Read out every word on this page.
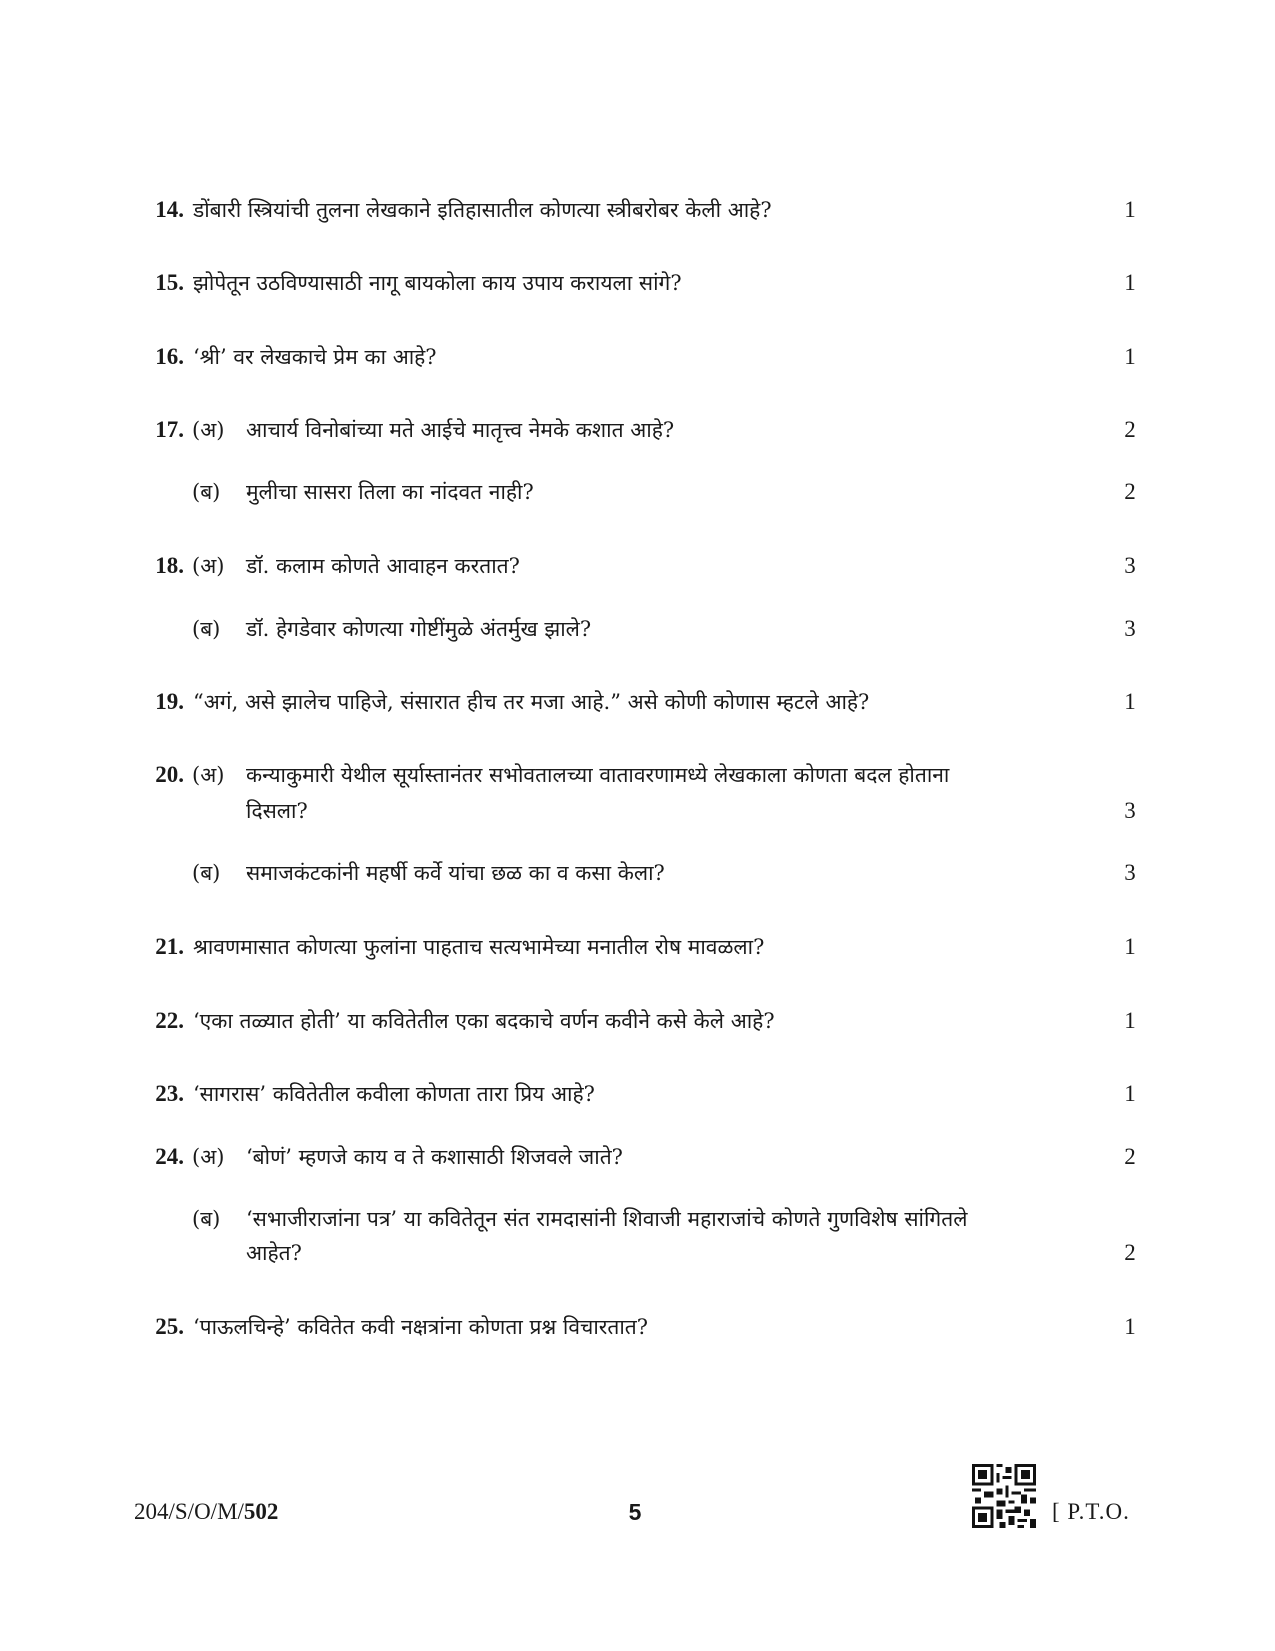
14. डोंबारी स्त्रियांची तुलना लेखकाने इतिहासातील कोणत्या स्त्रीबरोबर केली आहे?	1
15. झोपेतून उठविण्यासाठी नागू बायकोला काय उपाय करायला सांगे?	1
16. ‘श्री’ वर लेखकाचे प्रेम का आहे?	1
17. (अ)	आचार्य विनोबांच्या मते आईचे मातृत्त्व नेमके कशात आहे?	2
(ब)	मुलीचा सासरा तिला का नांदवत नाही?	2
18. (अ)	डॉ. कलाम कोणते आवाहन करतात?	3
(ब)	डॉ. हेगडेवार कोणत्या गोष्टींमुळे अंतर्मुख झाले?	3
19. “अगं, असे झालेच पाहिजे, संसारात हीच तर मजा आहे.” असे कोणी कोणास म्हटले आहे?	1
20. (अ)	कन्याकुमारी येथील सूर्यास्तानंतर सभोवतालच्या वातावरणामध्ये लेखकाला कोणता बदल होताना
दिसला?	3
(ब)	समाजकंटकांनी महर्षी कर्वे यांचा छळ का व कसा केला?	3
21. श्रावणमासात कोणत्या फुलांना पाहताच सत्यभामेच्या मनातील रोष मावळला?	1
22. ‘एका तळ्यात होती’ या कवितेतील एका बदकाचे वर्णन कवीने कसे केले आहे?	1
23. ‘सागरास’ कवितेतील कवीला कोणता तारा प्रिय आहे?	1
24. (अ)	‘बोणं’ म्हणजे काय व ते कशासाठी शिजवले जाते?	2
(ब)	‘सभाजीराजांना पत्र’ या कवितेतून संत रामदासांनी शिवाजी महाराजांचे कोणते गुणविशेष सांगितले
आहेत?	2
25. ‘पाऊलचिन्हे’ कवितेत कवी नक्षत्रांना कोणता प्रश्न विचारतात?	1
204/S/O/M/502	5	[ P.T.O.
